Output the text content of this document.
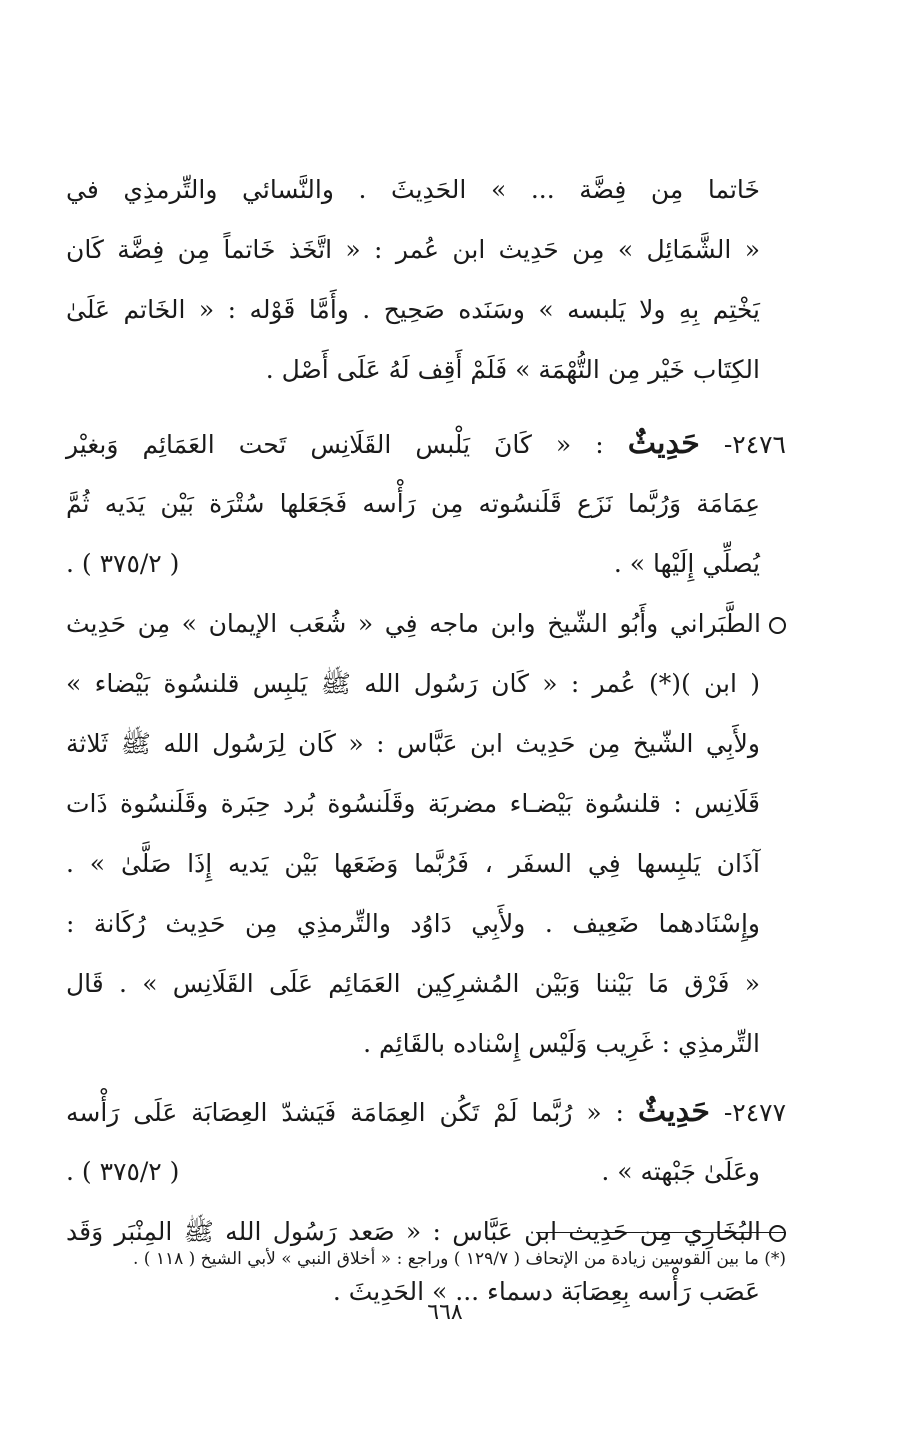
خَاتما مِن فِضَّة ... » الحَدِيثَ . والنَّسائي والتِّرمذِي في
« الشَّمَائِل » مِن حَدِيث ابن عُمر : « اتَّخَذ خَاتماً مِن فِضَّة كَان
يَخْتِم بِهِ ولا يَلبسه » وسَنَده صَحِيح . وأَمَّا قَوْله : « الخَاتم عَلَىٰ
الكِتَاب خَيْر مِن التُّهْمَة » فَلَمْ أَقِف لَهُ عَلَى أَصْل .
٢٤٧٦- حَدِيثٌ : « كَانَ يَلْبس القَلَانِس تَحت العَمَائِم وَبغيْر
عِمَامَة وَرُبَّما نَزَع قَلَنسُوته مِن رَأْسه فَجَعَلها سُتْرَة بَيْن يَدَيه ثُمَّ
يُصلِّي إِلَيْها » .
( ٣٧٥/٢ ) .
الطَّبَراني وأَبُو الشّيخ وابن ماجه فِي « شُعَب الإيمان » مِن حَدِيث
( ابن )(*) عُمر : « كَان رَسُول الله ﷺ يَلبِس قلنسُوة بَيْضاء »
ولأَبِي الشّيخ مِن حَدِيث ابن عَبَّاس : « كَان لِرَسُول الله ﷺ ثَلاثة
قَلَانِس : قلنسُوة بَيْضـاء مضربَة وقَلَنسُوة بُرد حِبَرة وقَلَنسُوة ذَات
آذَان يَلبِسها فِي السفَر ، فَرُبَّما وَضَعَها بَيْن يَديه إِذَا صَلَّىٰ » .
وإِسْنَادهما ضَعِيف . ولأَبِي دَاوُد والتِّرمذِي مِن حَدِيث رُكَانة :
« فَرْق مَا بَيْننا وَبَيْن المُشرِكِين العَمَائِم عَلَى القَلَانِس » . قَال
التِّرمذِي : غَرِيب وَلَيْس إِسْناده بالقَائِم .
٢٤٧٧- حَدِيثٌ : « رُبَّما لَمْ تَكُن العِمَامَة فَيَشدّ العِصَابَة عَلَى رَأْسه
وعَلَىٰ جَبْهته » .
( ٣٧٥/٢ ) .
البُخَارِي مِن حَدِيث ابن عَبَّاس : « صَعد رَسُول الله ﷺ المِنْبَر وَقَد
عَصَب رَأْسه بِعِصَابَة دسماء ... » الحَدِيثَ .
(*) ما بين القوسين زيادة من الإتحاف ( ١٢٩/٧ ) وراجع : « أخلاق النبي » لأبي الشيخ ( ١١٨ ) .
٦٦٨
